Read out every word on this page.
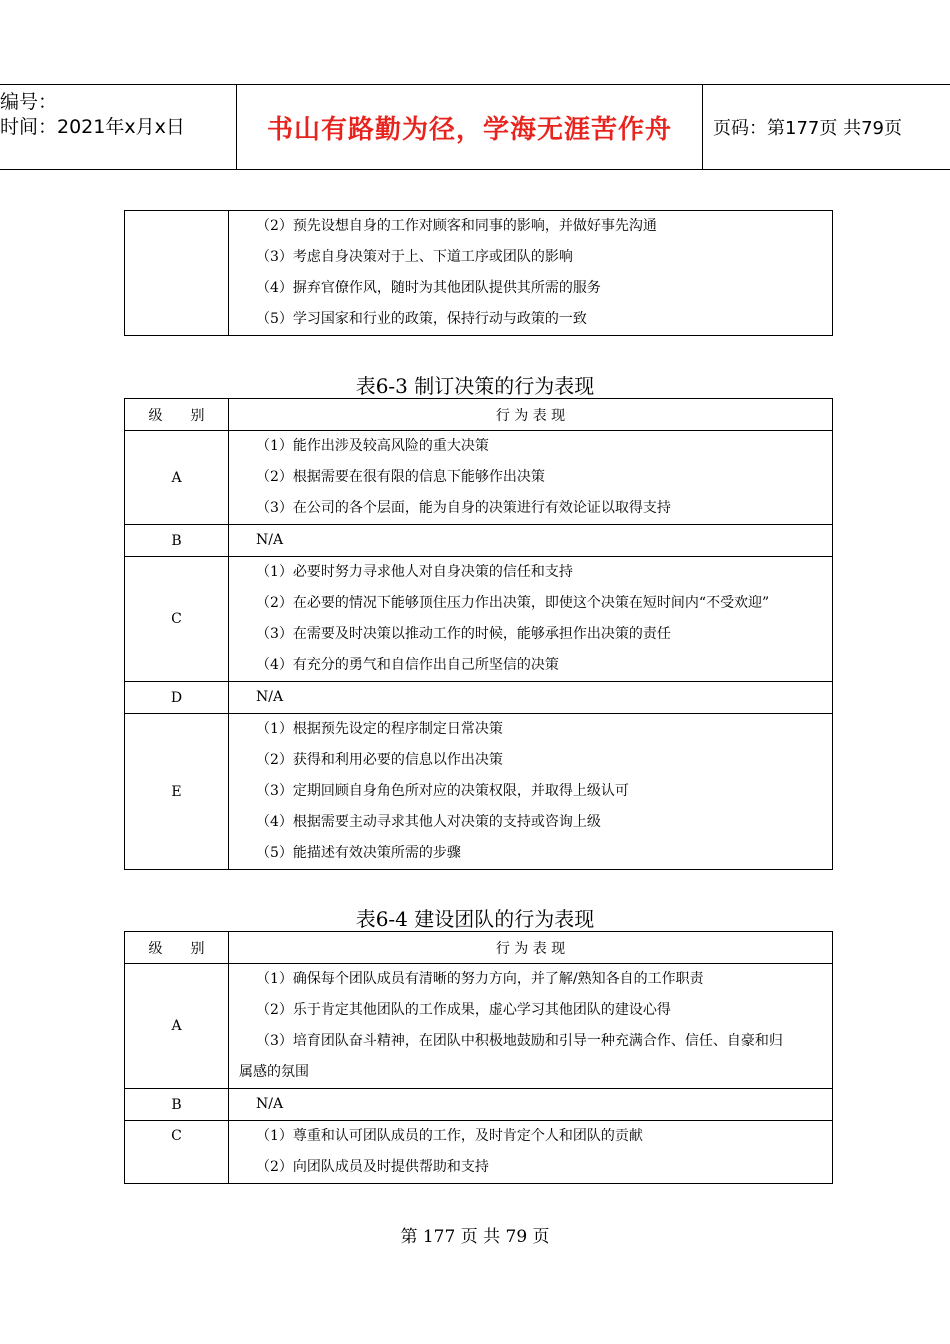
编号：
时间：2021年x月x日	书山有路勤为径，学海无涯苦作舟 页码：第177页 共79页

（2）预先设想自身的工作对顾客和同事的影响，并做好事先沟通
（3）考虑自身决策对于上、下道工序或团队的影响
（4）摒弃官僚作风，随时为其他团队提供其所需的服务
（5）学习国家和行业的政策，保持行动与政策的一致
表6-3 制订决策的行为表现
级　　别	行 为 表 现
A	（1）能作出涉及较高风险的重大决策
（2）根据需要在很有限的信息下能够作出决策
（3）在公司的各个层面，能为自身的决策进行有效论证以取得支持

B	N/A

C	（1）必要时努力寻求他人对自身决策的信任和支持
（2）在必要的情况下能够顶住压力作出决策，即使这个决策在短时间内“不受欢迎”
（3）在需要及时决策以推动工作的时候，能够承担作出决策的责任
（4）有充分的勇气和自信作出自己所坚信的决策

D	N/A

E	（1）根据预先设定的程序制定日常决策
（2）获得和利用必要的信息以作出决策
（3）定期回顾自身角色所对应的决策权限，并取得上级认可
（4）根据需要主动寻求其他人对决策的支持或咨询上级
（5）能描述有效决策所需的步骤
表6-4 建设团队的行为表现
级　　别	行 为 表 现
A	（1）确保每个团队成员有清晰的努力方向，并了解/熟知各自的工作职责
（2）乐于肯定其他团队的工作成果，虚心学习其他团队的建设心得
（3）培育团队奋斗精神，在团队中积极地鼓励和引导一种充满合作、信任、自豪和归
属感的氛围

B	N/A

C	（1）尊重和认可团队成员的工作，及时肯定个人和团队的贡献
（2）向团队成员及时提供帮助和支持
第 177 页 共 79 页
